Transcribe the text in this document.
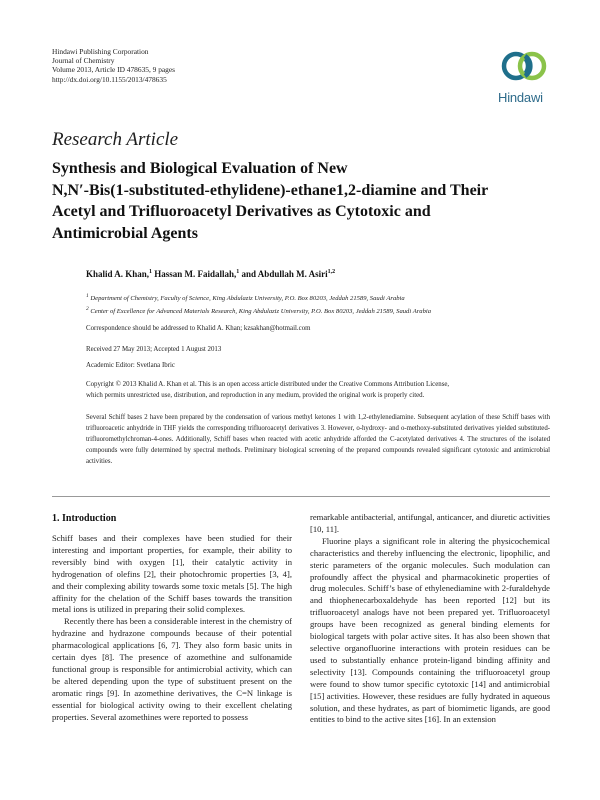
Hindawi Publishing Corporation
Journal of Chemistry
Volume 2013, Article ID 478635, 9 pages
http://dx.doi.org/10.1155/2013/478635
Hindawi
Research Article
Synthesis and Biological Evaluation of New
N,N′-Bis(1-substituted-ethylidene)-ethane1,2-diamine and Their
Acetyl and Trifluoroacetyl Derivatives as Cytotoxic and
Antimicrobial Agents
Khalid A. Khan,$^1$ Hassan M. Faidallah,$^1$ and Abdullah M. Asiri$^{1,2}$
$^1$ Department of Chemistry, Faculty of Science, King Abdulaziz University, P.O. Box 80203, Jeddah 21589, Saudi Arabia
$^2$ Center of Excellence for Advanced Materials Research, King Abdulaziz University, P.O. Box 80203, Jeddah 21589, Saudi Arabia
Correspondence should be addressed to Khalid A. Khan; kzsakhan@hotmail.com
Received 27 May 2013; Accepted 1 August 2013
Academic Editor: Svetlana Ibric
Copyright © 2013 Khalid A. Khan et al. This is an open access article distributed under the Creative Commons Attribution License,
which permits unrestricted use, distribution, and reproduction in any medium, provided the original work is properly cited.
Several Schiff bases 2 have been prepared by the condensation of various methyl ketones 1 with 1,2-ethylenediamine. Subsequent acylation of these Schiff bases with trifluoroacetic anhydride in THF yields the corresponding trifluoroacetyl derivatives 3. However, o-hydroxy- and o-methoxy-substituted derivatives yielded substituted-trifluoromethylchroman-4-ones. Additionally, Schiff bases when reacted with acetic anhydride afforded the C-acetylated derivatives 4. The structures of the isolated compounds were fully determined by spectral methods. Preliminary biological screening of the prepared compounds revealed significant cytotoxic and antimicrobial activities.
1. Introduction

Schiff bases and their complexes have been studied for their interesting and important properties, for example, their ability to reversibly bind with oxygen [1], their catalytic activity in hydrogenation of olefins [2], their photochromic properties [3, 4], and their complexing ability towards some toxic metals [5]. The high affinity for the chelation of the Schiff bases towards the transition metal ions is utilized in preparing their solid complexes.

Recently there has been a considerable interest in the chemistry of hydrazine and hydrazone compounds because of their potential pharmacological applications [6, 7]. They also form basic units in certain dyes [8]. The presence of azomethine and sulfonamide functional group is responsible for antimicrobial activity, which can be altered depending upon the type of substituent present on the aromatic rings [9]. In azomethine derivatives, the C=N linkage is essential for biological activity owing to their excellent chelating properties. Several azomethines were reported to possess

remarkable antibacterial, antifungal, anticancer, and diuretic activities [10, 11].

Fluorine plays a significant role in altering the physicochemical characteristics and thereby influencing the electronic, lipophilic, and steric parameters of the organic molecules. Such modulation can profoundly affect the physical and pharmacokinetic properties of drug molecules. Schiff’s base of ethylenediamine with 2-furaldehyde and thiophenecarboxaldehyde has been reported [12] but its trifluoroacetyl analogs have not been prepared yet. Trifluoroacetyl groups have been recognized as general binding elements for biological targets with polar active sites. It has also been shown that selective organofluorine interactions with protein residues can be used to substantially enhance protein-ligand binding affinity and selectivity [13]. Compounds containing the trifluoroacetyl group were found to show tumor specific cytotoxic [14] and antimicrobial [15] activities. However, these residues are fully hydrated in aqueous solution, and these hydrates, as part of biomimetic ligands, are good entities to bind to the active sites [16]. In an extension
